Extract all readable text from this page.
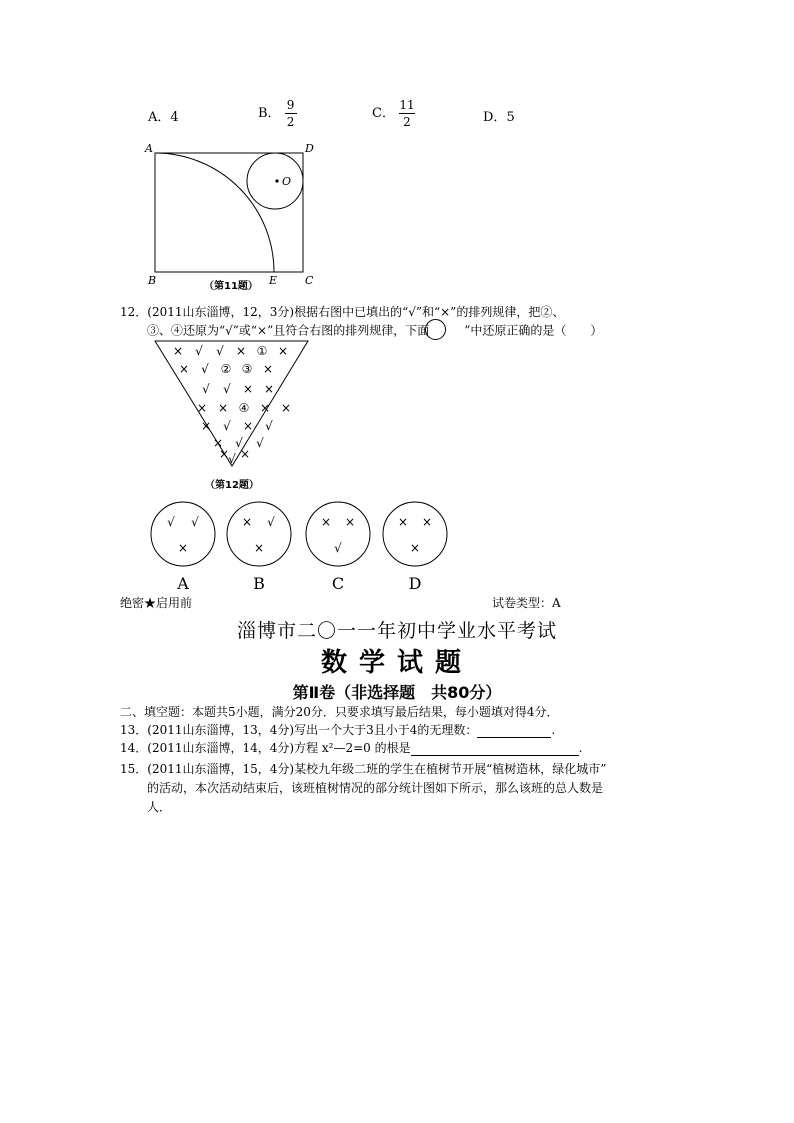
A．4	B． $\frac{9}{2}$	C． $\frac{11}{2}$	D．5
A	D
B	E	C
O
（第11题）
12．(2011山东淄博，12，3分)根据右图中已填出的“√”和“×”的排列规律，把②、
③、④还原为“√”或“×”且符合右图的排列规律，下面	”中还原正确的是（　　）
× √ √ × ① ×
× √ ② ③ ×
√ √ × ×
× × ④ × ×
× √ × √
× √ √
× ×
√
（第12题）
√ √
×
A
× √
×
B
× ×
√
C
× ×
×
D
绝密★启用前	试卷类型：A
淄博市二〇一一年初中学业水平考试
数学试题
第Ⅱ卷（非选择题　共80分）
二、填空题：本题共5小题，满分20分．只要求填写最后结果，每小题填对得4分．
13．(2011山东淄博，13，4分)写出一个大于3且小于4的无理数：	.
14．(2011山东淄博，14，4分)方程 x²—2=0 的根是	.
15．(2011山东淄博，15，4分)某校九年级二班的学生在植树节开展“植树造林，绿化城市”
的活动，本次活动结束后，该班植树情况的部分统计图如下所示，那么该班的总人数是
人．
